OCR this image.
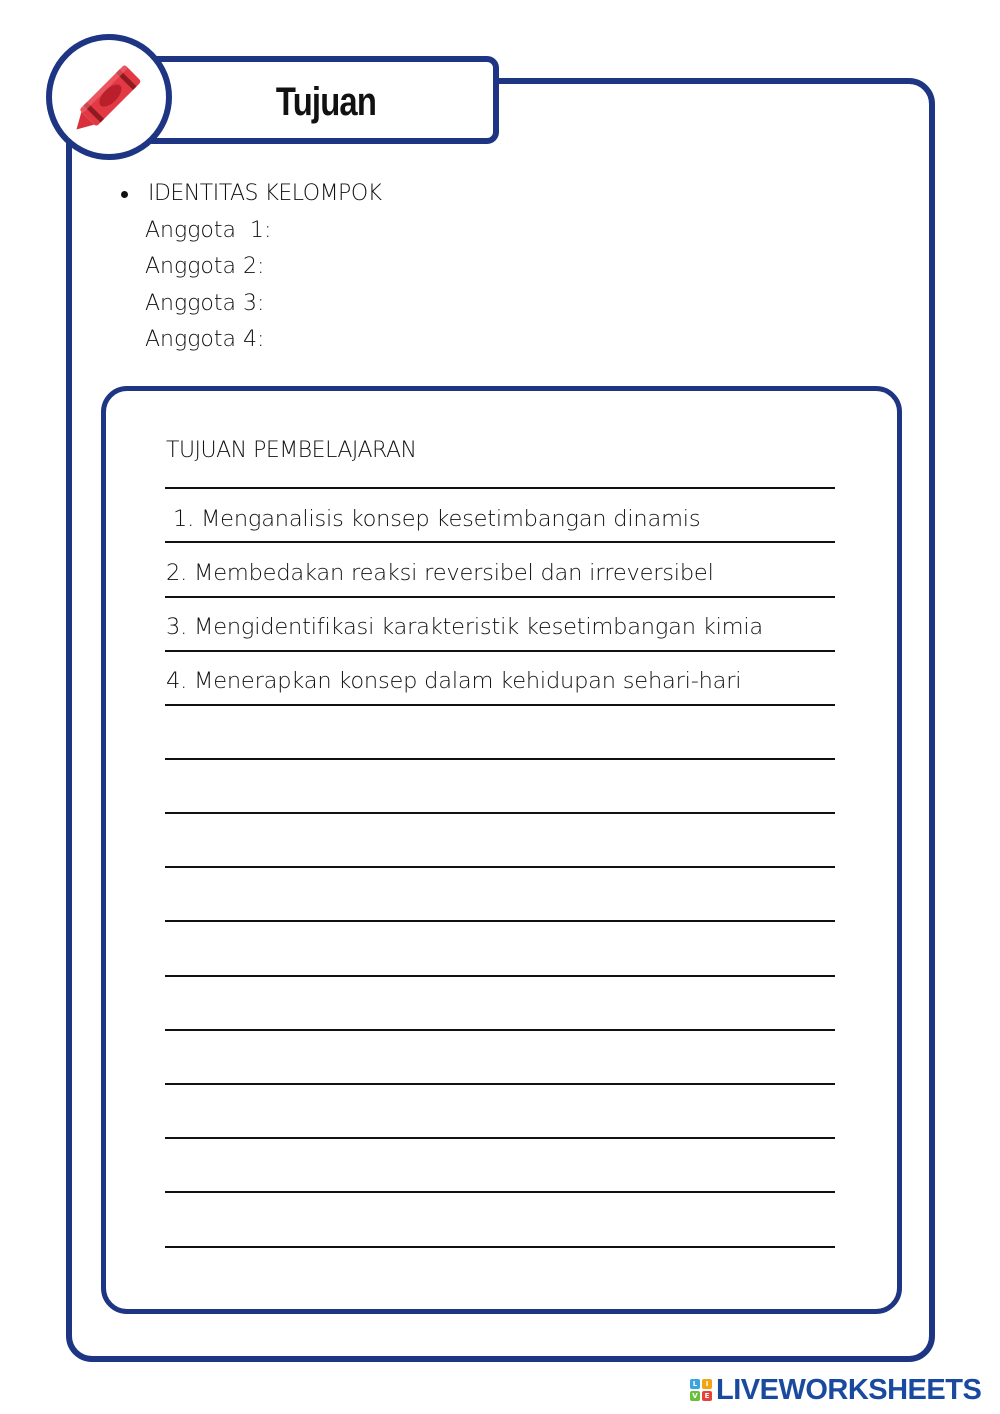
Tujuan
IDENTITAS KELOMPOK
Anggota  1:
Anggota 2:
Anggota 3:
Anggota 4:
TUJUAN PEMBELAJARAN
1. Menganalisis konsep kesetimbangan dinamis
2. Membedakan reaksi reversibel dan irreversibel
3. Mengidentifikasi karakteristik kesetimbangan kimia
4. Menerapkan konsep dalam kehidupan sehari-hari
L	I
V E LIVEWORKSHEETS
